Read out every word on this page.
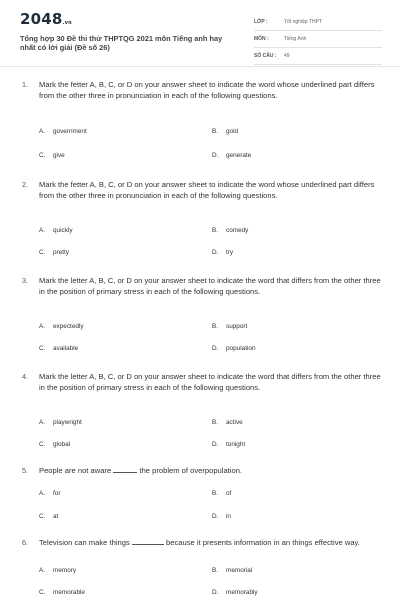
2048.vn
Tổng hợp 30 Đề thi thử THPTQG 2021 môn Tiếng anh hay nhất có lời giải (Đề số 26)
LỚP :	Tốt nghiệp THPT
MÔN :	Tiếng Anh
SỐ CÂU : 49
1. Mark the fetter A, B, C, or D on your answer sheet to indicate the word whose underlined part differs from the other three in pronunciation in each of the following questions.
A. government	B. gold
C. give	D. generate
2. Mark the fetter A, B, C, or D on your answer sheet to indicate the word whose underlined part differs from the other three in pronunciation in each of the following questions.
A. quickly	B. comedy
C. pretty	D. try
3. Mark the letter A, B, C, or D on your answer sheet to indicate the word that differs from the other three in the position of primary stress in each of the following questions.
A. expectedly	B. support
C. available	D. population
4. Mark the letter A, B, C, or D on your answer sheet to indicate the word that differs from the other three in the position of primary stress in each of the following questions.
A. playwright	B. active
C. global	D. tonight
5. People are not aware	the problem of overpopulation.
A. for	B. of
C. at	D. in
6. Television can make things	because it presents information in an things effective way.
A. memory	B. memorial
C. memorable	D. memorably
